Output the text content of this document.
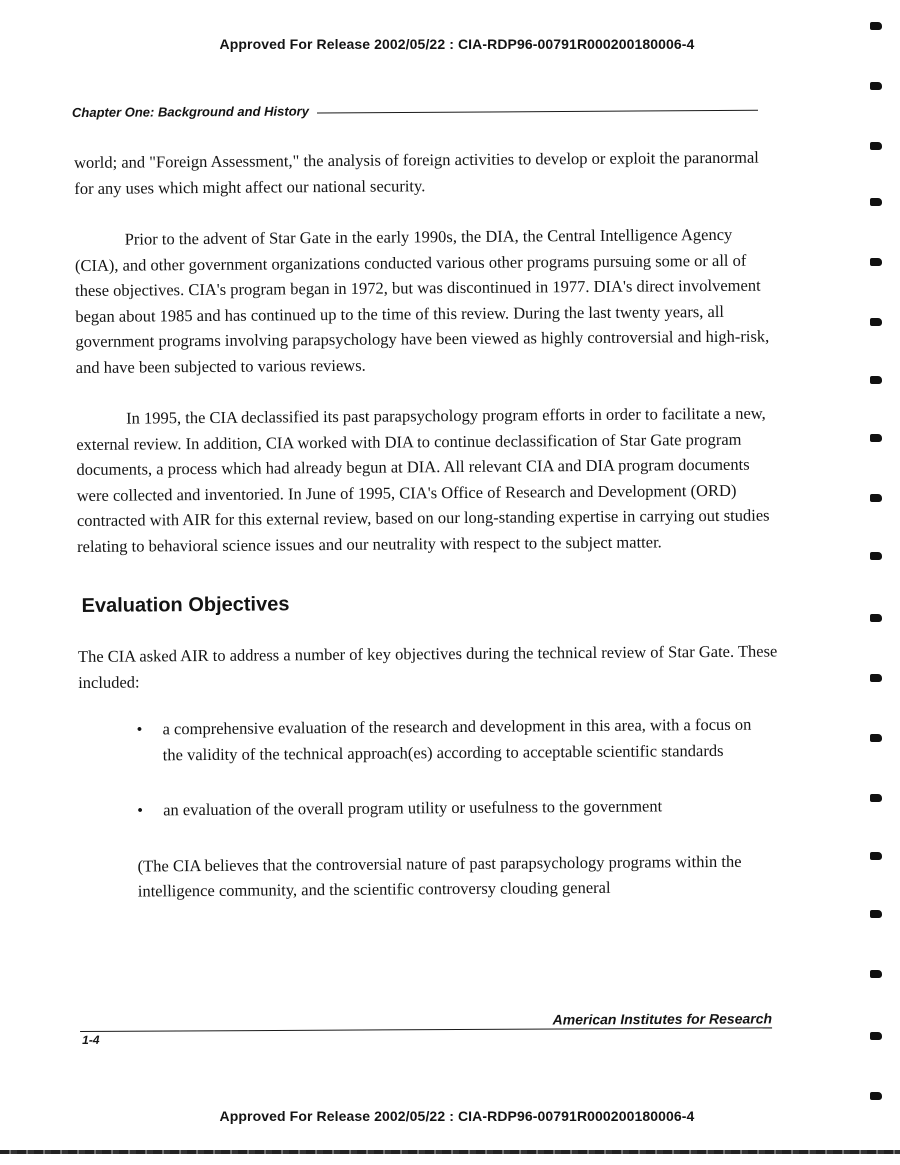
Approved For Release 2002/05/22 : CIA-RDP96-00791R000200180006-4
Chapter One: Background and History

world; and "Foreign Assessment," the analysis of foreign activities to develop or exploit the paranormal for any uses which might affect our national security.

Prior to the advent of Star Gate in the early 1990s, the DIA, the Central Intelligence Agency (CIA), and other government organizations conducted various other programs pursuing some or all of these objectives. CIA's program began in 1972, but was discontinued in 1977. DIA's direct involvement began about 1985 and has continued up to the time of this review. During the last twenty years, all government programs involving parapsychology have been viewed as highly controversial and high-risk, and have been subjected to various reviews.

In 1995, the CIA declassified its past parapsychology program efforts in order to facilitate a new, external review. In addition, CIA worked with DIA to continue declassification of Star Gate program documents, a process which had already begun at DIA. All relevant CIA and DIA program documents were collected and inventoried. In June of 1995, CIA's Office of Research and Development (ORD) contracted with AIR for this external review, based on our long-standing expertise in carrying out studies relating to behavioral science issues and our neutrality with respect to the subject matter.

Evaluation Objectives

The CIA asked AIR to address a number of key objectives during the technical review of Star Gate. These included:

• a comprehensive evaluation of the research and development in this area, with a focus on the validity of the technical approach(es) according to acceptable scientific standards
• an evaluation of the overall program utility or usefulness to the government

(The CIA believes that the controversial nature of past parapsychology programs within the intelligence community, and the scientific controversy clouding general

American Institutes for Research
1-4
Approved For Release 2002/05/22 : CIA-RDP96-00791R000200180006-4
